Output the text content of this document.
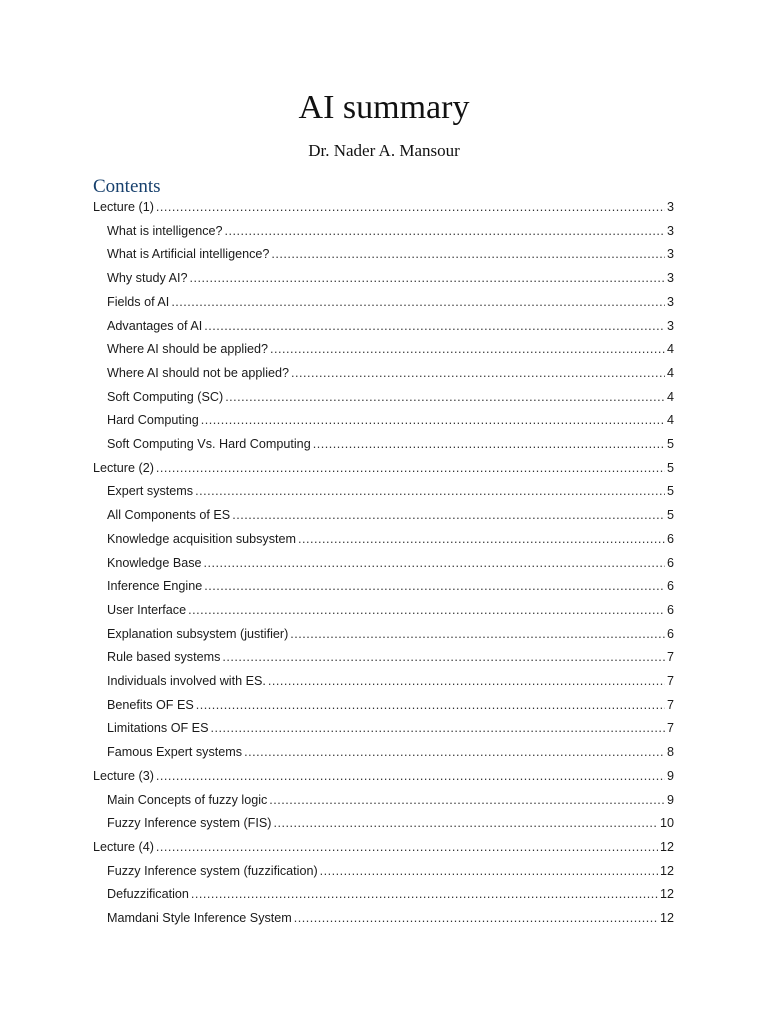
AI summary
Dr. Nader A. Mansour
Contents
Lecture (1) .....	3
What is intelligence? .....	3
What is Artificial intelligence? .....	3
Why study AI? .....	3
Fields of AI .....	3
Advantages of AI .....	3
Where AI should be applied? .....	4
Where AI should not be applied? .....	4
Soft Computing (SC) .....	4
Hard Computing .....	4
Soft Computing Vs. Hard Computing .....	5
Lecture (2) .....	5
Expert systems .....	5
All Components of ES .....	5
Knowledge acquisition subsystem .....	6
Knowledge Base .....	6
Inference Engine .....	6
User Interface .....	6
Explanation subsystem (justifier) .....	6
Rule based systems .....	7
Individuals involved with ES. .....	7
Benefits OF ES .....	7
Limitations OF ES .....	7
Famous Expert systems .....	8
Lecture (3) .....	9
Main Concepts of fuzzy logic .....	9
Fuzzy Inference system (FIS) .....	10
Lecture (4) .....	12
Fuzzy Inference system (fuzzification) .....	12
Defuzzification .....	12
Mamdani Style Inference System .....	12
